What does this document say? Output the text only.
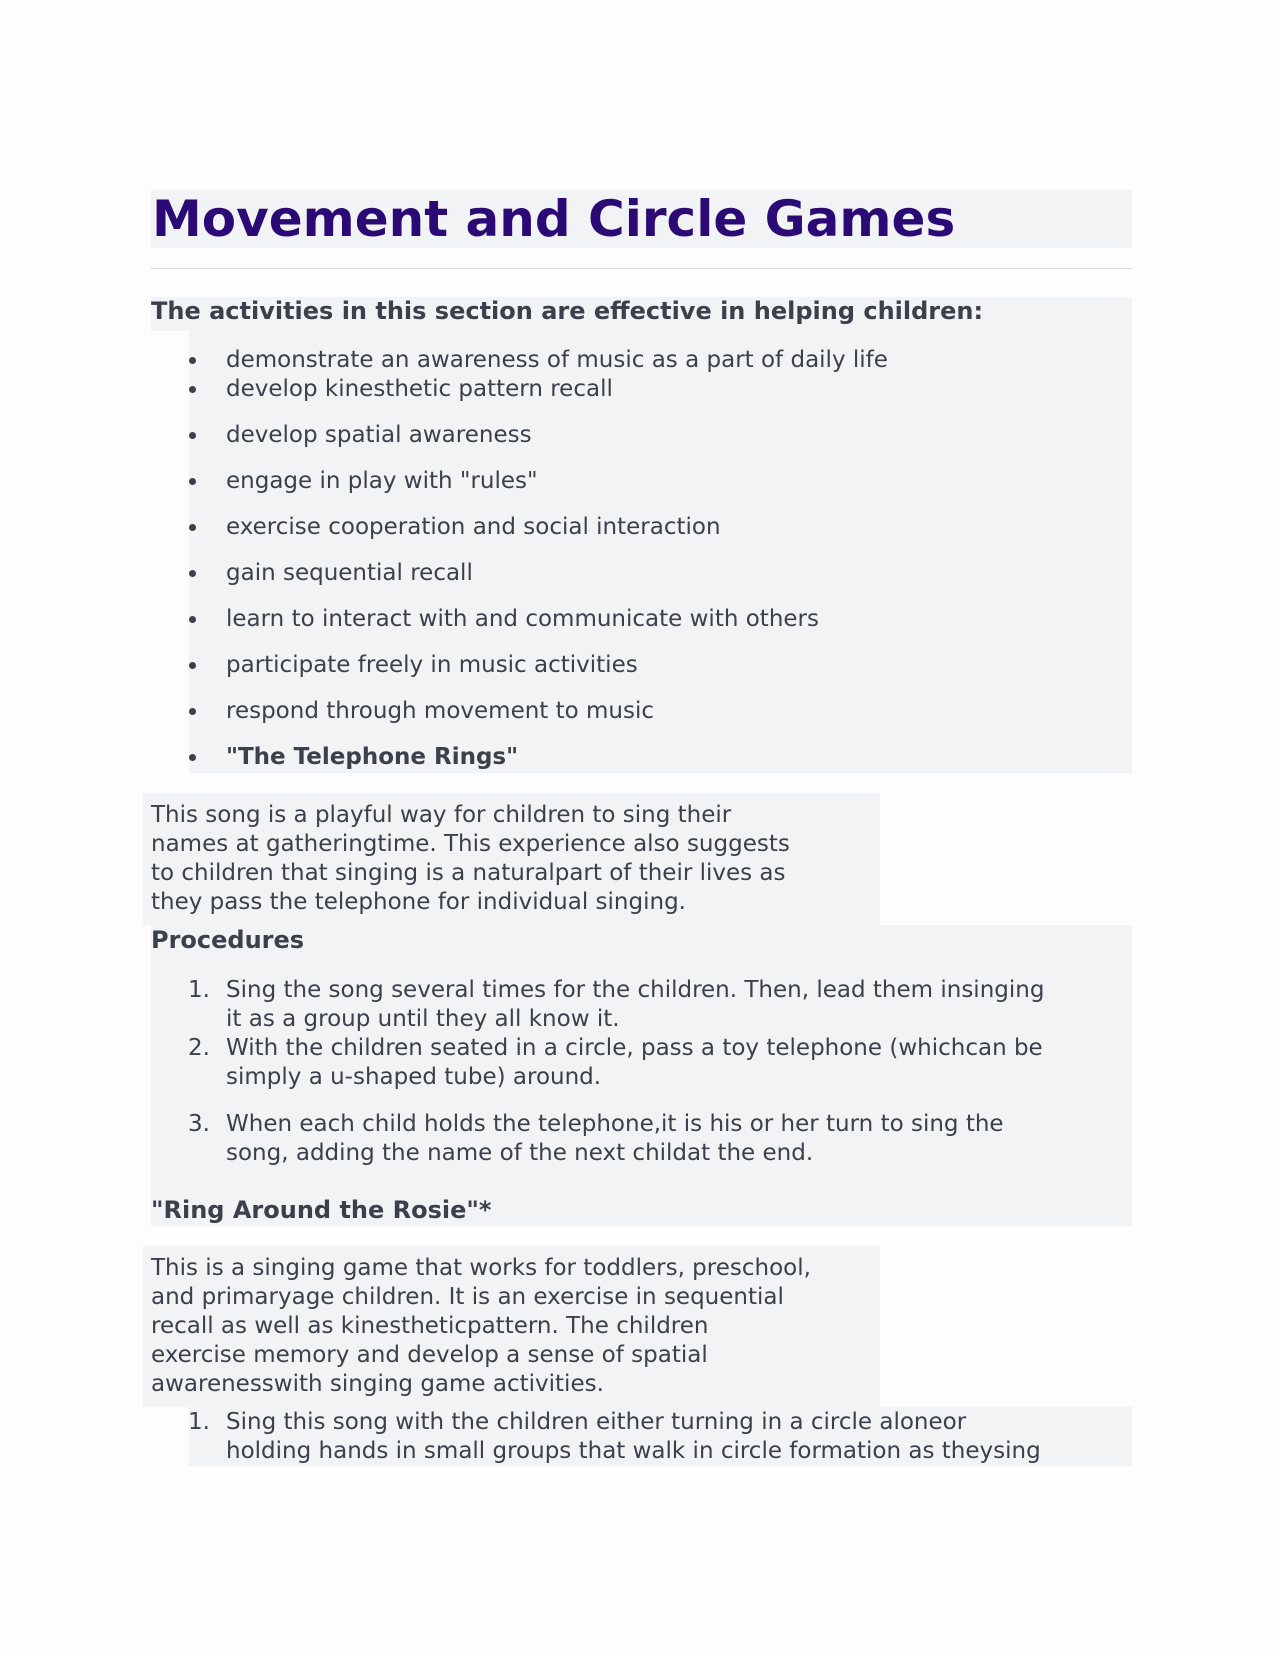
Movement and Circle Games
The activities in this section are effective in helping children:
demonstrate an awareness of music as a part of daily life
develop kinesthetic pattern recall
develop spatial awareness
engage in play with "rules"
exercise cooperation and social interaction
gain sequential recall
learn to interact with and communicate with others
participate freely in music activities
respond through movement to music
"The Telephone Rings"
This song is a playful way for children to sing their
names at gatheringtime. This experience also suggests
to children that singing is a naturalpart of their lives as
they pass the telephone for individual singing.
Procedures
1. Sing the song several times for the children. Then, lead them insinging
it as a group until they all know it.
2. With the children seated in a circle, pass a toy telephone (whichcan be
simply a u-shaped tube) around.
3. When each child holds the telephone,it is his or her turn to sing the
song, adding the name of the next childat the end.
"Ring Around the Rosie"*
This is a singing game that works for toddlers, preschool,
and primaryage children. It is an exercise in sequential
recall as well as kinestheticpattern. The children
exercise memory and develop a sense of spatial
awarenesswith singing game activities.
1. Sing this song with the children either turning in a circle aloneor
holding hands in small groups that walk in circle formation as theysing
